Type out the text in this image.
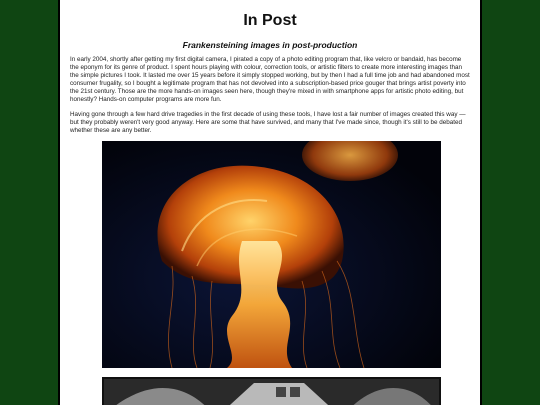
In Post

Frankensteining images in post-production

In early 2004, shortly after getting my first digital camera, I pirated a copy of a photo editing program that, like velcro or bandaid, has become the eponym for its genre of product. I spent hours playing with colour, correction tools, or artistic filters to create more interesting images than the simple pictures I took. It lasted me over 15 years before it simply stopped working, but by then I had a full time job and had abandoned most consumer frugality, so I bought a legitimate program that has not devolved into a subscription-based price gouger that brings artist poverty into the 21st century. Those are the more hands-on images seen here, though they're mixed in with smartphone apps for artistic photo editing, but honestly? Hands-on computer programs are more fun.

Having gone through a few hard drive tragedies in the first decade of using these tools, I have lost a fair number of images created this way — but they probably weren't very good anyway. Here are some that have survived, and many that I've made since, though it's still to be debated whether these are any better.
